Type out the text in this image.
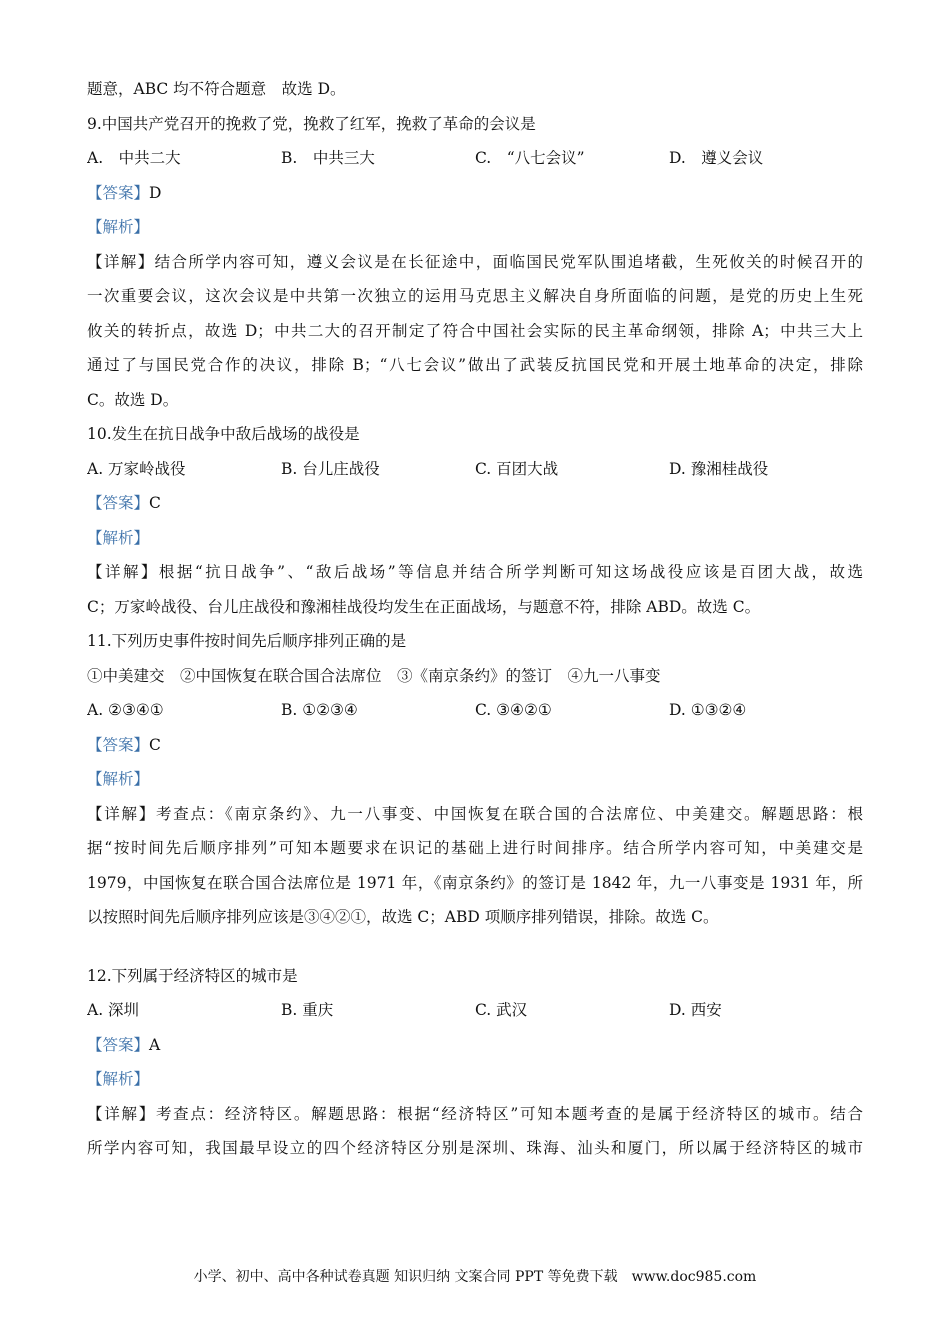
题意，ABC 均不符合题意　故选 D。
9.中国共产党召开的挽救了党，挽救了红军，挽救了革命的会议是
A.　中共二大	B.　中共三大	C.　“八七会议”	D.　遵义会议
【答案】D
【解析】
【详解】结合所学内容可知，遵义会议是在长征途中，面临国民党军队围追堵截，生死攸关的时候召开的
一次重要会议，这次会议是中共第一次独立的运用马克思主义解决自身所面临的问题，是党的历史上生死
攸关的转折点，故选 D；中共二大的召开制定了符合中国社会实际的民主革命纲领，排除 A；中共三大上
通过了与国民党合作的决议，排除 B；“八七会议”做出了武装反抗国民党和开展土地革命的决定，排除
C。故选 D。
10.发生在抗日战争中敌后战场的战役是
A. 万家岭战役	B. 台儿庄战役	C. 百团大战	D. 豫湘桂战役
【答案】C
【解析】
【详解】根据“抗日战争”、“敌后战场”等信息并结合所学判断可知这场战役应该是百团大战，故选
C；万家岭战役、台儿庄战役和豫湘桂战役均发生在正面战场，与题意不符，排除 ABD。故选 C。
11.下列历史事件按时间先后顺序排列正确的是
①中美建交　②中国恢复在联合国合法席位　③《南京条约》的签订　④九一八事变
A. ②③④①	B. ①②③④	C. ③④②①	D. ①③②④
【答案】C
【解析】
【详解】考查点：《南京条约》、九一八事变、中国恢复在联合国的合法席位、中美建交。解题思路：根
据“按时间先后顺序排列”可知本题要求在识记的基础上进行时间排序。结合所学内容可知，中美建交是
1979，中国恢复在联合国合法席位是 1971 年，《南京条约》的签订是 1842 年，九一八事变是 1931 年，所
以按照时间先后顺序排列应该是③④②①，故选 C；ABD 项顺序排列错误，排除。故选 C。
12.下列属于经济特区的城市是
A. 深圳	B. 重庆	C. 武汉	D. 西安
【答案】A
【解析】
【详解】考查点：经济特区。解题思路：根据“经济特区”可知本题考查的是属于经济特区的城市。结合
所学内容可知，我国最早设立的四个经济特区分别是深圳、珠海、汕头和厦门，所以属于经济特区的城市
小学、初中、高中各种试卷真题 知识归纳 文案合同 PPT 等免费下载　www.doc985.com
